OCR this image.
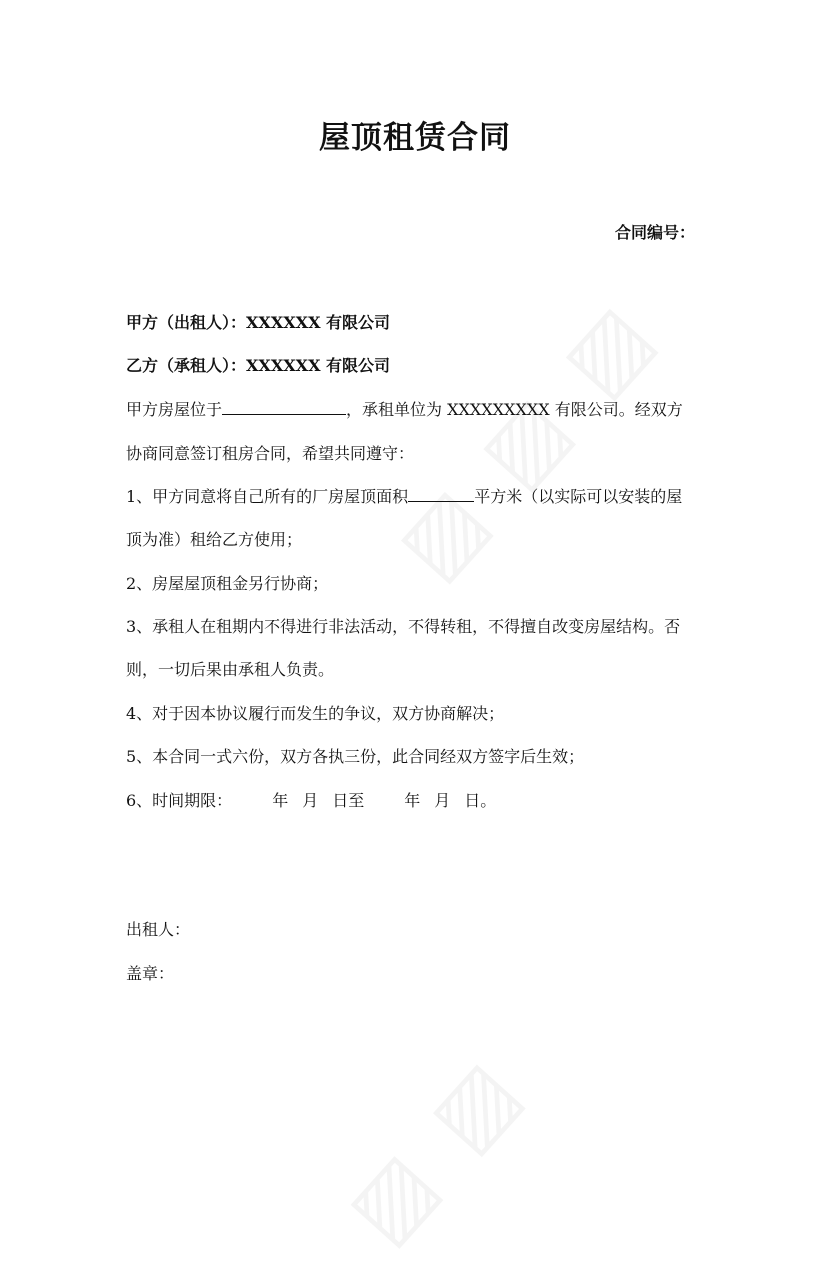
屋顶租赁合同
合同编号：
甲方（出租人）：XXXXXX 有限公司
乙方（承租人）：XXXXXX 有限公司
甲方房屋位于	，承租单位为 XXXXXXXXX 有限公司。经双方
协商同意签订租房合同，希望共同遵守：
1、甲方同意将自己所有的厂房屋顶面积	平方米（以实际可以安装的屋
顶为准）租给乙方使用；
2、房屋屋顶租金另行协商；
3、承租人在租期内不得进行非法活动，不得转租，不得擅自改变房屋结构。否
则，一切后果由承租人负责。
4、对于因本协议履行而发生的争议，双方协商解决；
5、本合同一式六份，双方各执三份，此合同经双方签字后生效；
6、时间期限：	年 月 日至	年 月 日。
出租人：
盖章：
